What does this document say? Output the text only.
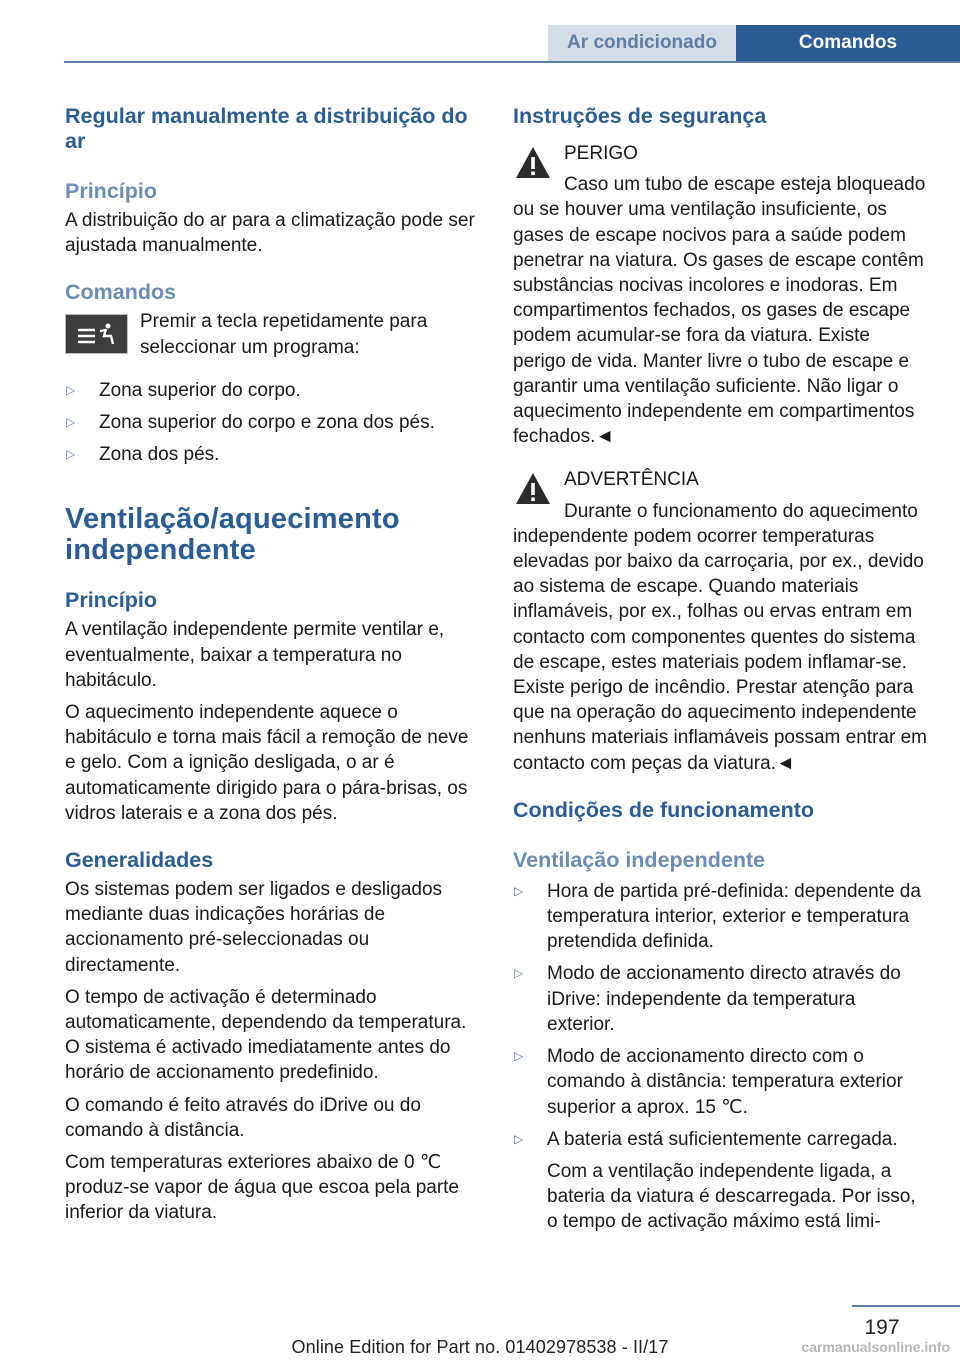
Ar condicionado	Comandos
Regular manualmente a distribuição do ar
Princípio
A distribuição do ar para a climatização pode ser ajustada manualmente.
Comandos
Premir a tecla repetidamente para seleccionar um programa:
▷	Zona superior do corpo.
▷	Zona superior do corpo e zona dos pés.
▷	Zona dos pés.
Ventilação/aquecimento independente
Princípio
A ventilação independente permite ventilar e, eventualmente, baixar a temperatura no habitáculo.
O aquecimento independente aquece o habitáculo e torna mais fácil a remoção de neve e gelo. Com a ignição desligada, o ar é automaticamente dirigido para o pára-brisas, os vidros laterais e a zona dos pés.
Generalidades
Os sistemas podem ser ligados e desligados mediante duas indicações horárias de accionamento pré-seleccionadas ou directamente.
O tempo de activação é determinado automaticamente, dependendo da temperatura. O sistema é activado imediatamente antes do horário de accionamento predefinido.
O comando é feito através do iDrive ou do comando à distância.
Com temperaturas exteriores abaixo de 0 ℃ produz-se vapor de água que escoa pela parte inferior da viatura.
Instruções de segurança
PERIGO
Caso um tubo de escape esteja bloqueado ou se houver uma ventilação insuficiente, os gases de escape nocivos para a saúde podem penetrar na viatura. Os gases de escape contêm substâncias nocivas incolores e inodoras. Em compartimentos fechados, os gases de escape podem acumular-se fora da viatura. Existe perigo de vida. Manter livre o tubo de escape e garantir uma ventilação suficiente. Não ligar o aquecimento independente em compartimentos fechados.◄
ADVERTÊNCIA
Durante o funcionamento do aquecimento independente podem ocorrer temperaturas elevadas por baixo da carroçaria, por ex., devido ao sistema de escape. Quando materiais inflamáveis, por ex., folhas ou ervas entram em contacto com componentes quentes do sistema de escape, estes materiais podem inflamar-se. Existe perigo de incêndio. Prestar atenção para que na operação do aquecimento independente nenhuns materiais inflamáveis possam entrar em contacto com peças da viatura.◄
Condições de funcionamento
Ventilação independente
▷	Hora de partida pré-definida: dependente da temperatura interior, exterior e temperatura pretendida definida.
▷	Modo de accionamento directo através do iDrive: independente da temperatura exterior.
▷	Modo de accionamento directo com o comando à distância: temperatura exterior superior a aprox. 15 ℃.
▷	A bateria está suficientemente carregada.
Com a ventilação independente ligada, a bateria da viatura é descarregada. Por isso, o tempo de activação máximo está limi-
197
Online Edition for Part no. 01402978538 - II/17	carmanualsonline.info
